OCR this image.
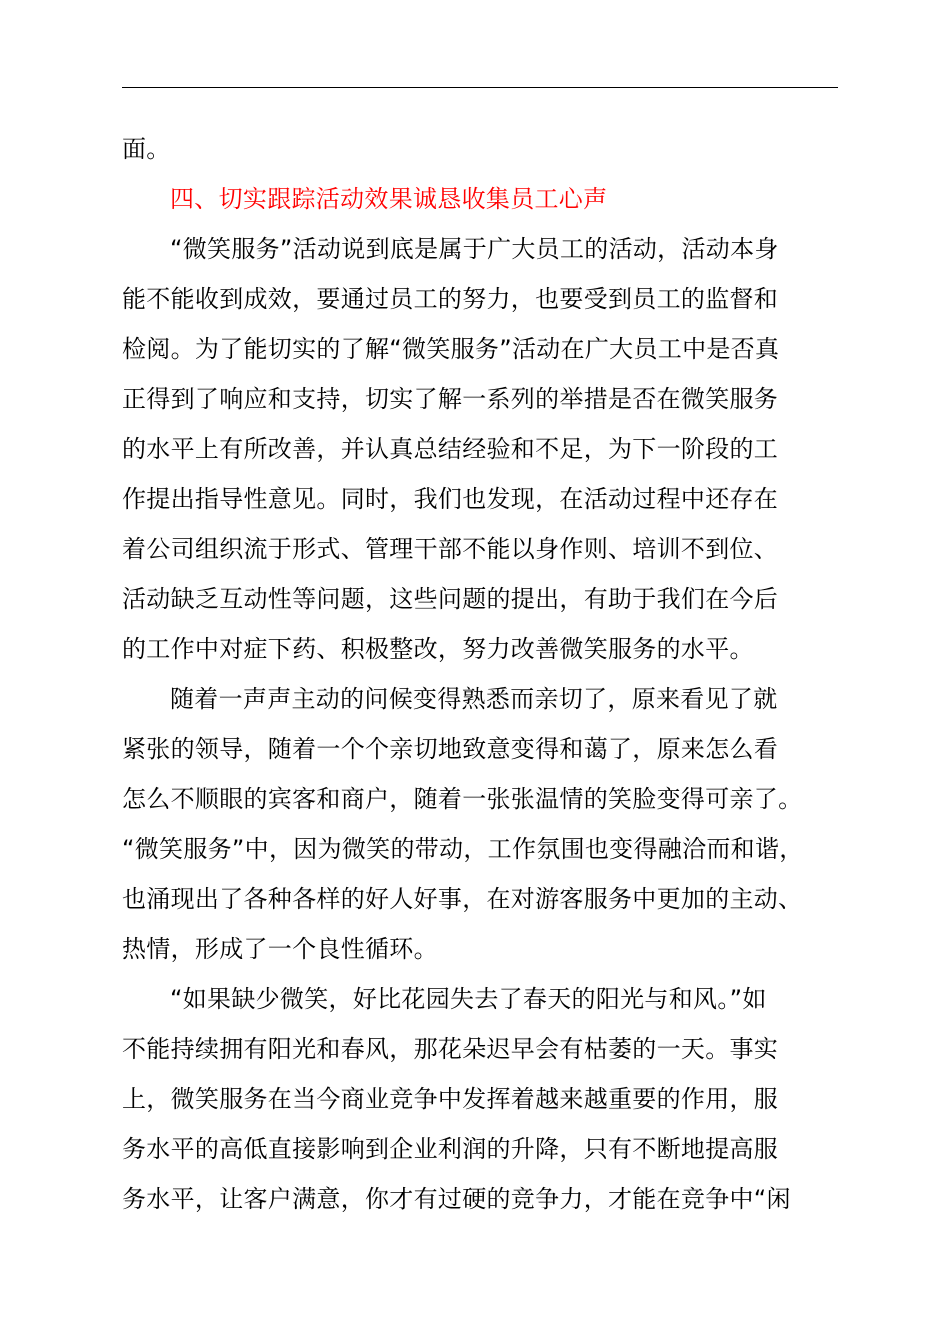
面。
四、切实跟踪活动效果诚恳收集员工心声
“微笑服务”活动说到底是属于广大员工的活动，活动本身
能不能收到成效，要通过员工的努力，也要受到员工的监督和
检阅。为了能切实的了解“微笑服务”活动在广大员工中是否真
正得到了响应和支持，切实了解一系列的举措是否在微笑服务
的水平上有所改善，并认真总结经验和不足，为下一阶段的工
作提出指导性意见。同时，我们也发现，在活动过程中还存在
着公司组织流于形式、管理干部不能以身作则、培训不到位、
活动缺乏互动性等问题，这些问题的提出，有助于我们在今后
的工作中对症下药、积极整改，努力改善微笑服务的水平。
随着一声声主动的问候变得熟悉而亲切了，原来看见了就
紧张的领导，随着一个个亲切地致意变得和蔼了，原来怎么看
怎么不顺眼的宾客和商户，随着一张张温情的笑脸变得可亲了。
“微笑服务”中，因为微笑的带动，工作氛围也变得融洽而和谐，
也涌现出了各种各样的好人好事，在对游客服务中更加的主动、
热情，形成了一个良性循环。
“如果缺少微笑，好比花园失去了春天的阳光与和风。”如
不能持续拥有阳光和春风，那花朵迟早会有枯萎的一天。事实
上，微笑服务在当今商业竞争中发挥着越来越重要的作用，服
务水平的高低直接影响到企业利润的升降，只有不断地提高服
务水平，让客户满意，你才有过硬的竞争力，才能在竞争中“闲
